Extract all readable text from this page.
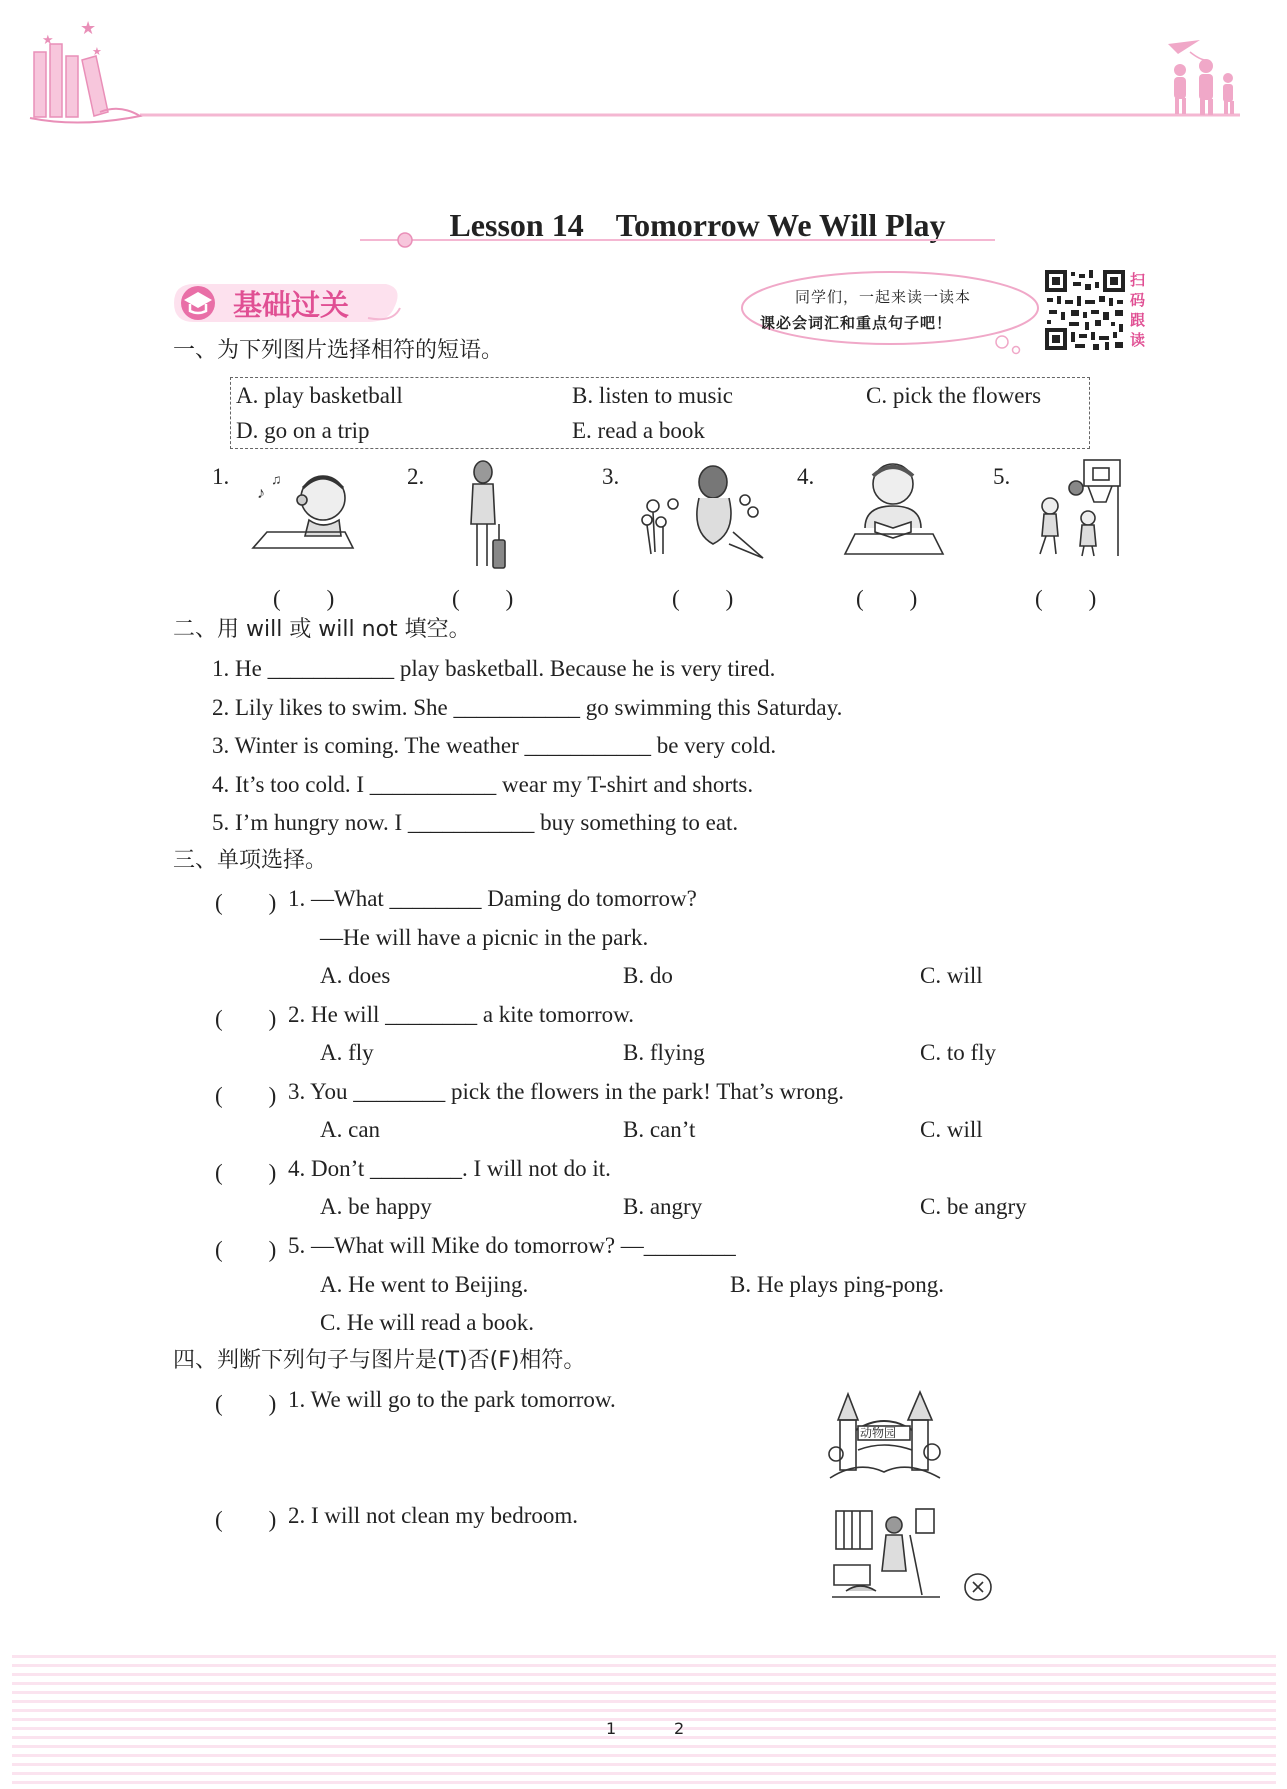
★
★
★
Lesson 14　Tomorrow We Will Play
基础过关	同学们，一起来读一读本
课必会词汇和重点句子吧！
扫
码
跟
读
一、为下列图片选择相符的短语。
A. play basketball	B. listen to music	C. pick the flowers
D. go on a trip	E. read a book
1.	2.	3.	4.	5.
♪
♫
(　　)	(　　)	(　　)	(　　)	(　　)
二、用 will 或 will not 填空。
1. He ___________ play basketball. Because he is very tired.
2. Lily likes to swim. She ___________ go swimming this Saturday.
3. Winter is coming. The weather ___________ be very cold.
4. It’s too cold. I ___________ wear my T-shirt and shorts.
5. I’m hungry now. I ___________ buy something to eat.
三、单项选择。
(　　) 1. —What ________ Daming do tomorrow?
—He will have a picnic in the park.
A. does	B. do	C. will
(　　) 2. He will ________ a kite tomorrow.
A. fly	B. flying	C. to fly
(　　) 3. You ________ pick the flowers in the park! That’s wrong.
A. can	B. can’t	C. will
(　　) 4. Don’t ________. I will not do it.
A. be happy	B. angry	C. be angry
(　　) 5. —What will Mike do tomorrow? —________
A. He went to Beijing.	B. He plays ping-pong.
C. He will read a book.
四、判断下列句子与图片是(T)否(F)相符。
(　　) 1. We will go to the park tomorrow.
动物园
(　　) 2. I will not clean my bedroom.
1	2
